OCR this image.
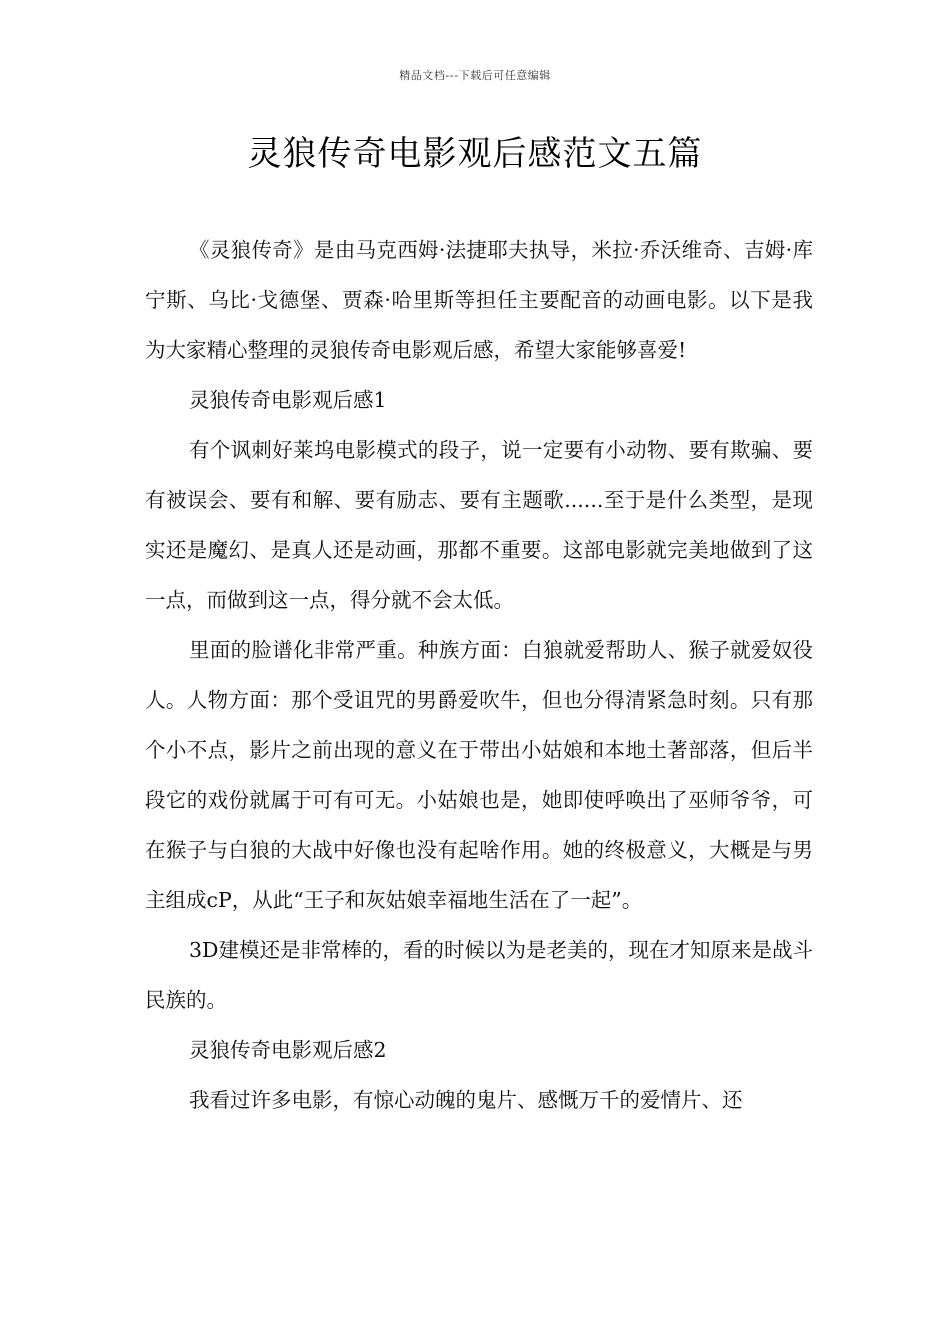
精品文档---下载后可任意编辑
灵狼传奇电影观后感范文五篇

《灵狼传奇》是由马克西姆·法捷耶夫执导，米拉·乔沃维奇、吉姆·库宁斯、乌比·戈德堡、贾森·哈里斯等担任主要配音的动画电影。以下是我为大家精心整理的灵狼传奇电影观后感，希望大家能够喜爱!

灵狼传奇电影观后感1

有个讽刺好莱坞电影模式的段子，说一定要有小动物、要有欺骗、要有被误会、要有和解、要有励志、要有主题歌......至于是什么类型，是现实还是魔幻、是真人还是动画，那都不重要。这部电影就完美地做到了这一点，而做到这一点，得分就不会太低。

里面的脸谱化非常严重。种族方面：白狼就爱帮助人、猴子就爱奴役人。人物方面：那个受诅咒的男爵爱吹牛，但也分得清紧急时刻。只有那个小不点，影片之前出现的意义在于带出小姑娘和本地土著部落，但后半段它的戏份就属于可有可无。小姑娘也是，她即使呼唤出了巫师爷爷，可在猴子与白狼的大战中好像也没有起啥作用。她的终极意义，大概是与男主组成cP，从此“王子和灰姑娘幸福地生活在了一起”。

3D建模还是非常棒的，看的时候以为是老美的，现在才知原来是战斗民族的。

灵狼传奇电影观后感2

我看过许多电影，有惊心动魄的鬼片、感慨万千的爱情片、还
